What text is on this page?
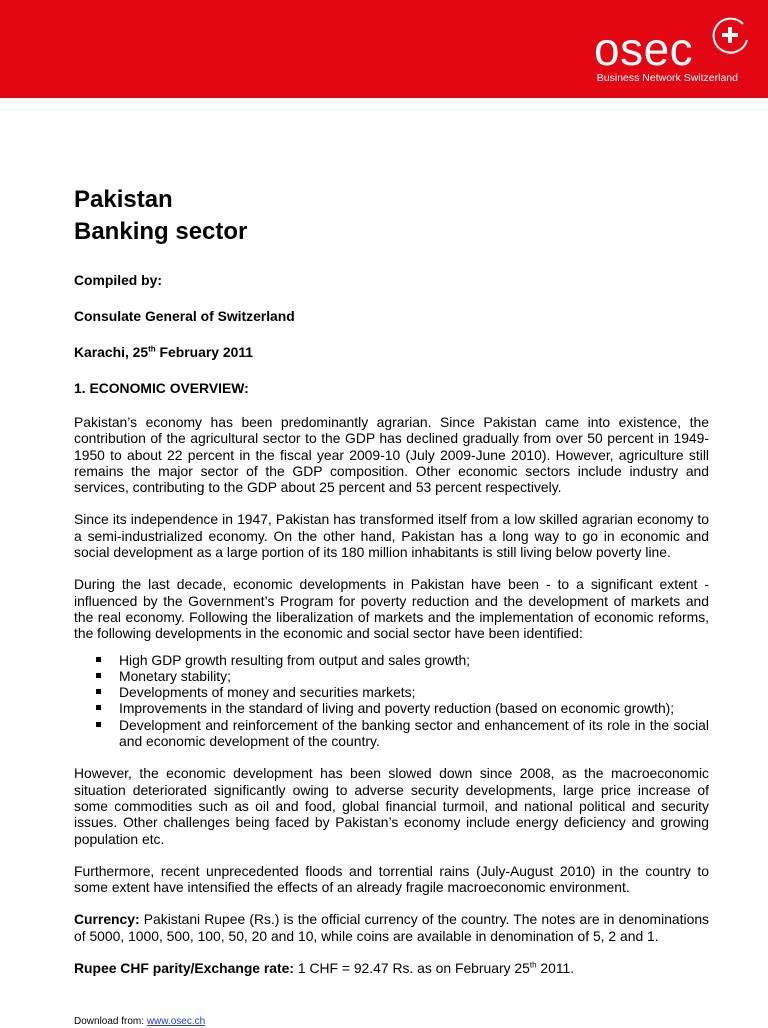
osec
Business Network Switzerland
Pakistan
Banking sector
Compiled by:
Consulate General of Switzerland
Karachi, 25th February 2011
1. ECONOMIC OVERVIEW:

Pakistan’s economy has been predominantly agrarian. Since Pakistan came into existence, the contribution of the agricultural sector to the GDP has declined gradually from over 50 percent in 1949-1950 to about 22 percent in the fiscal year 2009-10 (July 2009-June 2010). However, agriculture still remains the major sector of the GDP composition. Other economic sectors include industry and services, contributing to the GDP about 25 percent and 53 percent respectively.

Since its independence in 1947, Pakistan has transformed itself from a low skilled agrarian economy to a semi-industrialized economy. On the other hand, Pakistan has a long way to go in economic and social development as a large portion of its 180 million inhabitants is still living below poverty line.

During the last decade, economic developments in Pakistan have been - to a significant extent - influenced by the Government’s Program for poverty reduction and the development of markets and the real economy. Following the liberalization of markets and the implementation of economic reforms, the following developments in the economic and social sector have been identified:

High GDP growth resulting from output and sales growth;
Monetary stability;
Developments of money and securities markets;
Improvements in the standard of living and poverty reduction (based on economic growth);
Development and reinforcement of the banking sector and enhancement of its role in the social and economic development of the country.

However, the economic development has been slowed down since 2008, as the macroeconomic situation deteriorated significantly owing to adverse security developments, large price increase of some commodities such as oil and food, global financial turmoil, and national political and security issues. Other challenges being faced by Pakistan’s economy include energy deficiency and growing population etc.

Furthermore, recent unprecedented floods and torrential rains (July-August 2010) in the country to some extent have intensified the effects of an already fragile macroeconomic environment.

Currency: Pakistani Rupee (Rs.) is the official currency of the country. The notes are in denominations of 5000, 1000, 500, 100, 50, 20 and 10, while coins are available in denomination of 5, 2 and 1.

Rupee CHF parity/Exchange rate: 1 CHF = 92.47 Rs. as on February 25th 2011.

Download from: www.osec.ch
